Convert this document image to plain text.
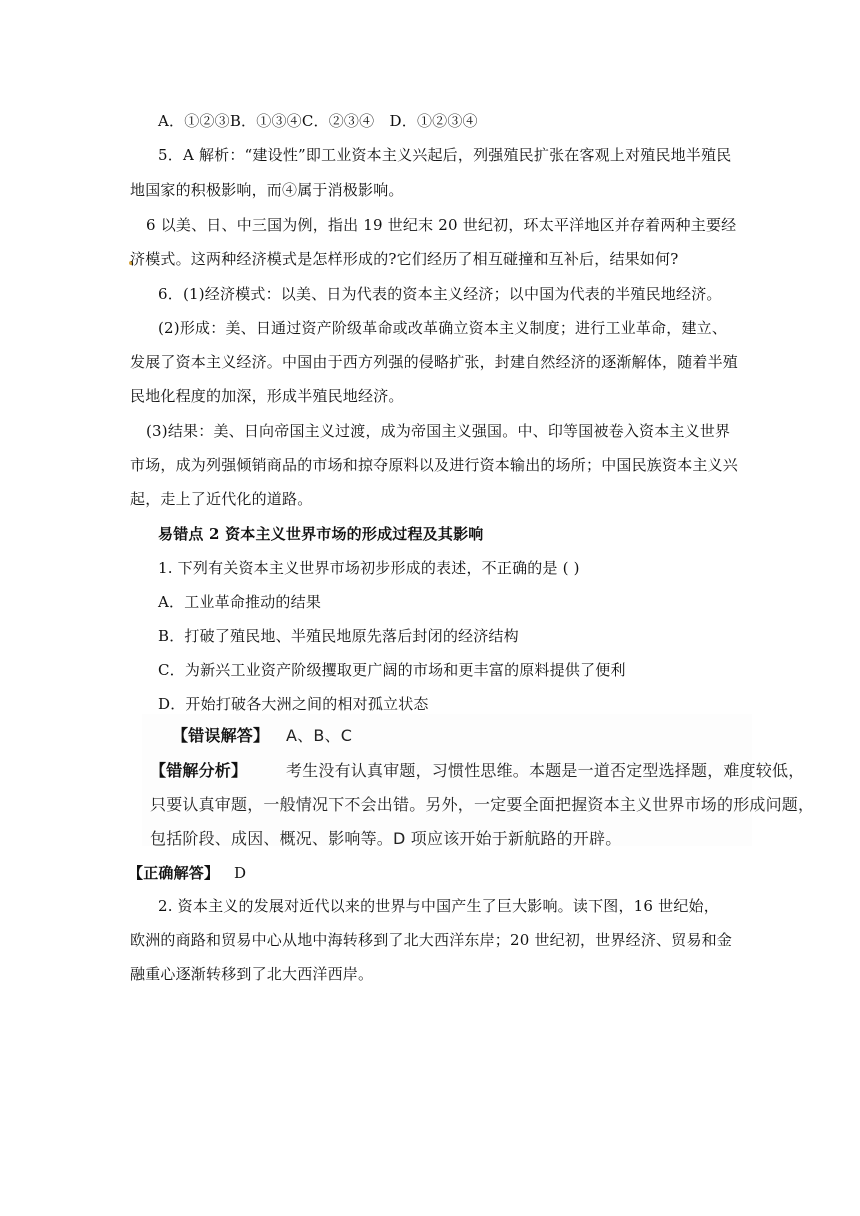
A．①②③B．①③④C．②③④　D．①②③④
5．A 解析：“建设性”即工业资本主义兴起后，列强殖民扩张在客观上对殖民地半殖民
地国家的积极影响，而④属于消极影响。
6 以美、日、中三国为例，指出 19 世纪末 20 世纪初，环太平洋地区并存着两种主要经
济模式。这两种经济模式是怎样形成的?它们经历了相互碰撞和互补后，结果如何?
6．(1)经济模式：以美、日为代表的资本主义经济；以中国为代表的半殖民地经济。
(2)形成：美、日通过资产阶级革命或改革确立资本主义制度；进行工业革命，建立、
发展了资本主义经济。中国由于西方列强的侵略扩张，封建自然经济的逐渐解体，随着半殖
民地化程度的加深，形成半殖民地经济。
(3)结果：美、日向帝国主义过渡，成为帝国主义强国。中、印等国被卷入资本主义世界
市场，成为列强倾销商品的市场和掠夺原料以及进行资本输出的场所；中国民族资本主义兴
起，走上了近代化的道路。
易错点 2 资本主义世界市场的形成过程及其影响
1. 下列有关资本主义世界市场初步形成的表述，不正确的是 ( )
A．工业革命推动的结果
B．打破了殖民地、半殖民地原先落后封闭的经济结构
C．为新兴工业资产阶级攫取更广阔的市场和更丰富的原料提供了便利
D．开始打破各大洲之间的相对孤立状态
【错误解答】 A、B、C
【错解分析】 考生没有认真审题，习惯性思维。本题是一道否定型选择题，难度较低，
只要认真审题，一般情况下不会出错。另外，一定要全面把握资本主义世界市场的形成问题，
包括阶段、成因、概况、影响等。D 项应该开始于新航路的开辟。
【正确解答】 D
2. 资本主义的发展对近代以来的世界与中国产生了巨大影响。读下图，16 世纪始，
欧洲的商路和贸易中心从地中海转移到了北大西洋东岸；20 世纪初，世界经济、贸易和金
融重心逐渐转移到了北大西洋西岸。
